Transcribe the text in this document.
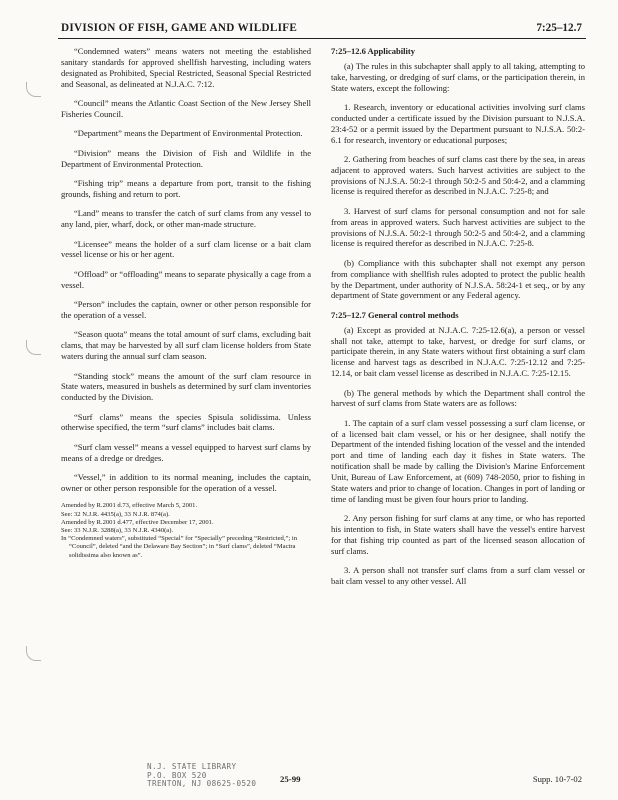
DIVISION OF FISH, GAME AND WILDLIFE	7:25–12.7

“Condemned waters” means waters not meeting the established sanitary standards for approved shellfish harvesting, including waters designated as Prohibited, Special Restricted, Seasonal Special Restricted and Seasonal, as delineated at N.J.A.C. 7:12.

“Council” means the Atlantic Coast Section of the New Jersey Shell Fisheries Council.

“Department” means the Department of Environmental Protection.

“Division” means the Division of Fish and Wildlife in the Department of Environmental Protection.

“Fishing trip” means a departure from port, transit to the fishing grounds, fishing and return to port.

“Land” means to transfer the catch of surf clams from any vessel to any land, pier, wharf, dock, or other man-made structure.

“Licensee” means the holder of a surf clam license or a bait clam vessel license or his or her agent.

“Offload” or “offloading” means to separate physically a cage from a vessel.

“Person” includes the captain, owner or other person responsible for the operation of a vessel.

“Season quota” means the total amount of surf clams, excluding bait clams, that may be harvested by all surf clam license holders from State waters during the annual surf clam season.

“Standing stock” means the amount of the surf clam resource in State waters, measured in bushels as determined by surf clam inventories conducted by the Division.

“Surf clams” means the species Spisula solidissima. Unless otherwise specified, the term “surf clams” includes bait clams.

“Surf clam vessel” means a vessel equipped to harvest surf clams by means of a dredge or dredges.

“Vessel,” in addition to its normal meaning, includes the captain, owner or other person responsible for the operation of a vessel.

Amended by R.2001 d.73, effective March 5, 2001.
See: 32 N.J.R. 4435(a), 33 N.J.R. 874(a).
Amended by R.2001 d.477, effective December 17, 2001.
See: 33 N.J.R. 3288(a), 33 N.J.R. 4340(a).
In “Condemned waters”, substituted “Special” for “Specially” preceding “Restricted,”; in “Council”, deleted “and the Delaware Bay Section”; in “Surf clams”, deleted “Mactra solidissima also known as”.

7:25–12.6 Applicability

(a) The rules in this subchapter shall apply to all taking, attempting to take, harvesting, or dredging of surf clams, or the participation therein, in State waters, except the following:

1. Research, inventory or educational activities involving surf clams conducted under a certificate issued by the Division pursuant to N.J.S.A. 23:4-52 or a permit issued by the Department pursuant to N.J.S.A. 50:2-6.1 for research, inventory or educational purposes;

2. Gathering from beaches of surf clams cast there by the sea, in areas adjacent to approved waters. Such harvest activities are subject to the provisions of N.J.S.A. 50:2-1 through 50:2-5 and 50:4-2, and a clamming license is required therefor as described in N.J.A.C. 7:25-8; and

3. Harvest of surf clams for personal consumption and not for sale from areas in approved waters. Such harvest activities are subject to the provisions of N.J.S.A. 50:2-1 through 50:2-5 and 50:4-2, and a clamming license is required therefor as described in N.J.A.C. 7:25-8.

(b) Compliance with this subchapter shall not exempt any person from compliance with shellfish rules adopted to protect the public health by the Department, under authority of N.J.S.A. 58:24-1 et seq., or by any department of State government or any Federal agency.

7:25–12.7 General control methods

(a) Except as provided at N.J.A.C. 7:25-12.6(a), a person or vessel shall not take, attempt to take, harvest, or dredge for surf clams, or participate therein, in any State waters without first obtaining a surf clam license and harvest tags as described in N.J.A.C. 7:25-12.12 and 7:25-12.14, or bait clam vessel license as described in N.J.A.C. 7:25-12.15.

(b) The general methods by which the Department shall control the harvest of surf clams from State waters are as follows:

1. The captain of a surf clam vessel possessing a surf clam license, or of a licensed bait clam vessel, or his or her designee, shall notify the Department of the intended fishing location of the vessel and the intended port and time of landing each day it fishes in State waters. The notification shall be made by calling the Division's Marine Enforcement Unit, Bureau of Law Enforcement, at (609) 748-2050, prior to fishing in State waters and prior to change of location. Changes in port of landing or time of landing must be given four hours prior to landing.

2. Any person fishing for surf clams at any time, or who has reported his intention to fish, in State waters shall have the vessel's entire harvest for that fishing trip counted as part of the licensed season allocation of surf clams.

3. A person shall not transfer surf clams from a surf clam vessel or bait clam vessel to any other vessel. All

N.J. STATE LIBRARY
P.O. BOX 520
TRENTON, NJ 08625-0520	25-99	Supp. 10-7-02
